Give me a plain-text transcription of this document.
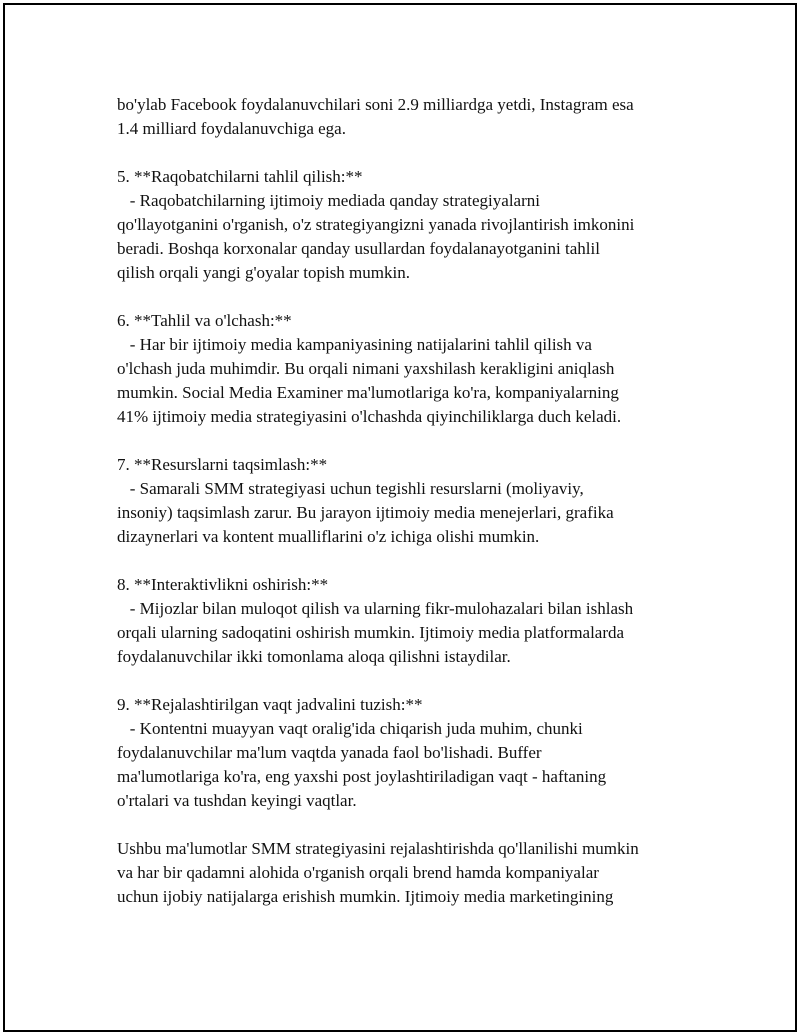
bo'ylab Facebook foydalanuvchilari soni 2.9 milliardga yetdi, Instagram esa
1.4 milliard foydalanuvchiga ega.
5. **Raqobatchilarni tahlil qilish:**
- Raqobatchilarning ijtimoiy mediada qanday strategiyalarni
qo'llayotganini o'rganish, o'z strategiyangizni yanada rivojlantirish imkonini
beradi. Boshqa korxonalar qanday usullardan foydalanayotganini tahlil
qilish orqali yangi g'oyalar topish mumkin.
6. **Tahlil va o'lchash:**
- Har bir ijtimoiy media kampaniyasining natijalarini tahlil qilish va
o'lchash juda muhimdir. Bu orqali nimani yaxshilash kerakligini aniqlash
mumkin. Social Media Examiner ma'lumotlariga ko'ra, kompaniyalarning
41% ijtimoiy media strategiyasini o'lchashda qiyinchiliklarga duch keladi.
7. **Resurslarni taqsimlash:**
- Samarali SMM strategiyasi uchun tegishli resurslarni (moliyaviy,
insoniy) taqsimlash zarur. Bu jarayon ijtimoiy media menejerlari, grafika
dizaynerlari va kontent mualliflarini o'z ichiga olishi mumkin.
8. **Interaktivlikni oshirish:**
- Mijozlar bilan muloqot qilish va ularning fikr-mulohazalari bilan ishlash
orqali ularning sadoqatini oshirish mumkin. Ijtimoiy media platformalarda
foydalanuvchilar ikki tomonlama aloqa qilishni istaydilar.
9. **Rejalashtirilgan vaqt jadvalini tuzish:**
- Kontentni muayyan vaqt oralig'ida chiqarish juda muhim, chunki
foydalanuvchilar ma'lum vaqtda yanada faol bo'lishadi. Buffer
ma'lumotlariga ko'ra, eng yaxshi post joylashtiriladigan vaqt - haftaning
o'rtalari va tushdan keyingi vaqtlar.
Ushbu ma'lumotlar SMM strategiyasini rejalashtirishda qo'llanilishi mumkin
va har bir qadamni alohida o'rganish orqali brend hamda kompaniyalar
uchun ijobiy natijalarga erishish mumkin. Ijtimoiy media marketingining
